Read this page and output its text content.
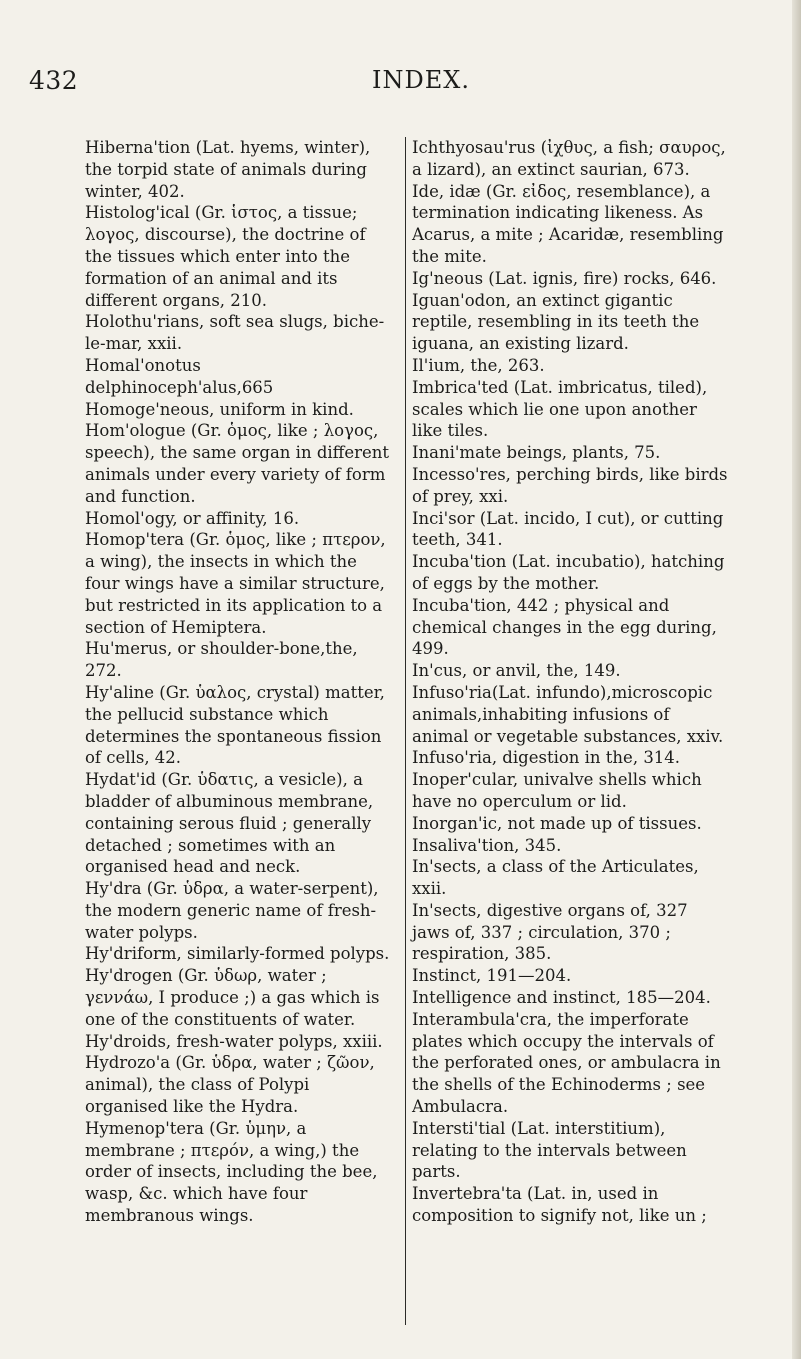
432	INDEX.

Hiberna'tion (Lat. hyems, winter), the torpid state of animals during winter, 402.

Histolog'ical (Gr. ἱστος, a tissue; λογος, discourse), the doctrine of the tissues which enter into the formation of an animal and its different organs, 210.

Holothu'rians, soft sea slugs, biche-le-mar, xxii.

Homal'onotus delphinoceph'alus,665

Homoge'neous, uniform in kind.

Hom'ologue (Gr. ὁμος, like ; λογος, speech), the same organ in different animals under every variety of form and function.

Homol'ogy, or affinity, 16.

Homop'tera (Gr. ὁμος, like ; πτερον, a wing), the insects in which the four wings have a similar structure, but restricted in its application to a section of Hemiptera.

Hu'merus, or shoulder-bone,the, 272.

Hy'aline (Gr. ὑαλος, crystal) matter, the pellucid substance which determines the spontaneous fission of cells, 42.

Hydat'id (Gr. ὑδατις, a vesicle), a bladder of albuminous membrane, containing serous fluid ; generally detached ; sometimes with an organised head and neck.

Hy'dra (Gr. ὑδρα, a water-serpent), the modern generic name of fresh-water polyps.

Hy'driform, similarly-formed polyps.

Hy'drogen (Gr. ὑδωρ, water ; γεννάω, I produce ;) a gas which is one of the constituents of water.

Hy'droids, fresh-water polyps, xxiii.

Hydrozo'a (Gr. ὑδρα, water ; ζῶον, animal), the class of Polypi organised like the Hydra.

Hymenop'tera (Gr. ὑμην, a membrane ; πτερόν, a wing,) the order of insects, including the bee, wasp, &c. which have four membranous wings.

Ichthyosau'rus (ἰχθυς, a fish; σαυρος, a lizard), an extinct saurian, 673.

Ide, idæ (Gr. εἰδος, resemblance), a termination indicating likeness. As Acarus, a mite ; Acaridæ, resembling the mite.

Ig'neous (Lat. ignis, fire) rocks, 646.

Iguan'odon, an extinct gigantic reptile, resembling in its teeth the iguana, an existing lizard.

Il'ium, the, 263.

Imbrica'ted (Lat. imbricatus, tiled), scales which lie one upon another like tiles.

Inani'mate beings, plants, 75.

Incesso'res, perching birds, like birds of prey, xxi.

Inci'sor (Lat. incido, I cut), or cutting teeth, 341.

Incuba'tion (Lat. incubatio), hatching of eggs by the mother.

Incuba'tion, 442 ; physical and chemical changes in the egg during, 499.

In'cus, or anvil, the, 149.

Infuso'ria(Lat. infundo),microscopic animals,inhabiting infusions of animal or vegetable substances, xxiv.

Infuso'ria, digestion in the, 314.

Inoper'cular, univalve shells which have no operculum or lid.

Inorgan'ic, not made up of tissues.

Insaliva'tion, 345.

In'sects, a class of the Articulates, xxii.

In'sects, digestive organs of, 327 jaws of, 337 ; circulation, 370 ; respiration, 385.

Instinct, 191—204.

Intelligence and instinct, 185—204.

Interambula'cra, the imperforate plates which occupy the intervals of the perforated ones, or ambulacra in the shells of the Echinoderms ; see Ambulacra.

Intersti'tial (Lat. interstitium), relating to the intervals between parts.

Invertebra'ta (Lat. in, used in composition to signify not, like un ;
